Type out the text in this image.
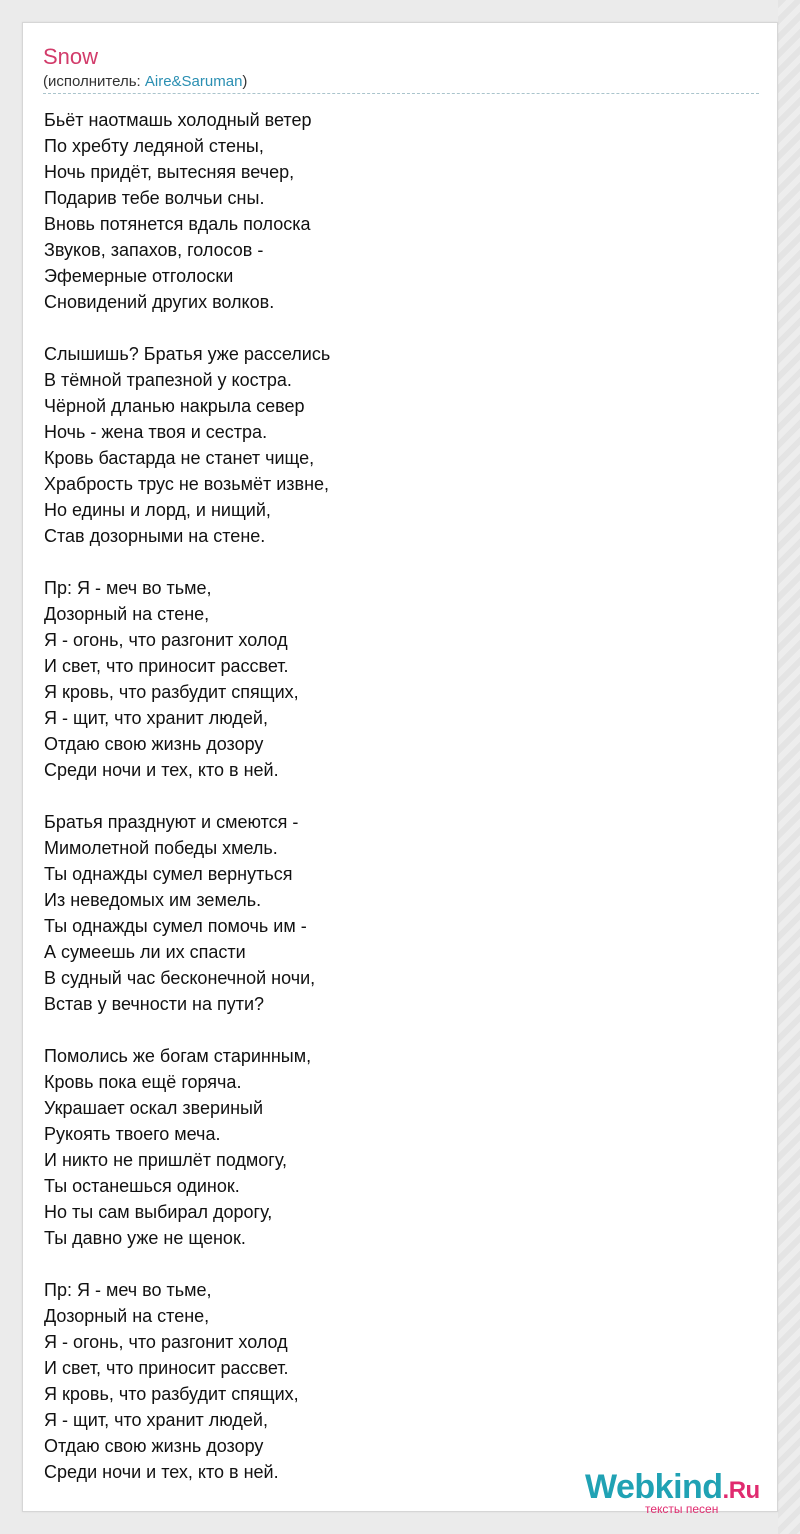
Snow
(исполнитель: Aire&Saruman)
Бьёт наотмашь холодный ветер
По хребту ледяной стены,
Ночь придёт, вытесняя вечер,
Подарив тебе волчьи сны.
Вновь потянется вдаль полоска
Звуков, запахов, голосов -
Эфемерные отголоски
Сновидений других волков.
Слышишь? Братья уже расселись
В тёмной трапезной у костра.
Чёрной дланью накрыла север
Ночь - жена твоя и сестра.
Кровь бастарда не станет чище,
Храбрость трус не возьмёт извне,
Но едины и лорд, и нищий,
Став дозорными на стене.
Пр: Я - меч во тьме,
Дозорный на стене,
Я - огонь, что разгонит холод
И свет, что приносит рассвет.
Я кровь, что разбудит спящих,
Я - щит, что хранит людей,
Отдаю свою жизнь дозору
Среди ночи и тех, кто в ней.
Братья празднуют и смеются -
Мимолетной победы хмель.
Ты однажды сумел вернуться
Из неведомых им земель.
Ты однажды сумел помочь им -
А сумеешь ли их спасти
В судный час бесконечной ночи,
Встав у вечности на пути?
Помолись же богам старинным,
Кровь пока ещё горяча.
Украшает оскал звериный
Рукоять твоего меча.
И никто не пришлёт подмогу,
Ты останешься одинок.
Но ты сам выбирал дорогу,
Ты давно уже не щенок.
Пр: Я - меч во тьме,
Дозорный на стене,
Я - огонь, что разгонит холод
И свет, что приносит рассвет.
Я кровь, что разбудит спящих,
Я - щит, что хранит людей,
Отдаю свою жизнь дозору
Среди ночи и тех, кто в ней.	Webkind.Ru
тексты песен
